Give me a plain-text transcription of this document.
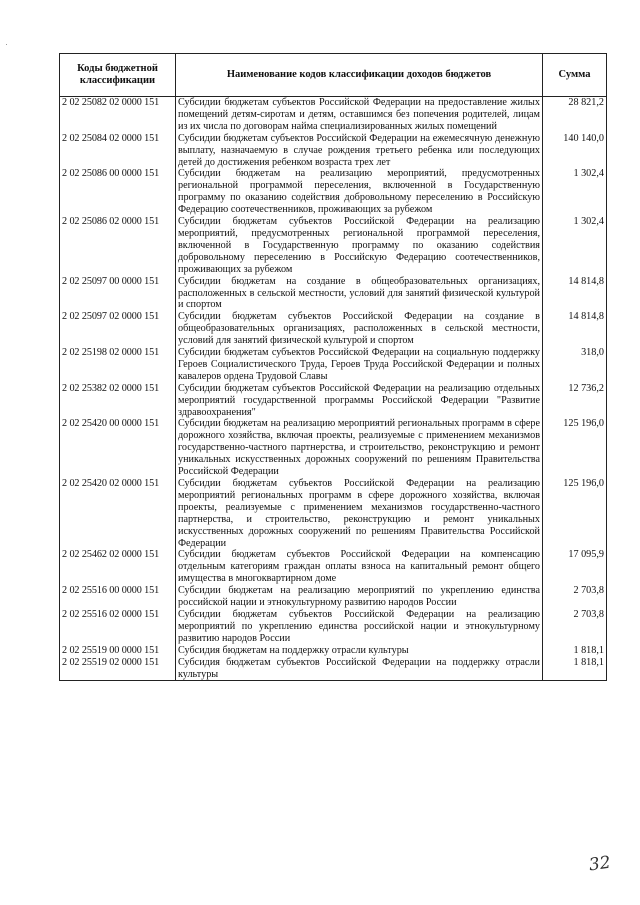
Коды бюджетной классификации	Наименование кодов классификации доходов бюджетов	Сумма
2 02 25082 02 0000 151	Субсидии бюджетам субъектов Российской Федерации на предоставление жилых помещений детям-сиротам и детям, оставшимся без попечения родителей, лицам из их числа по договорам найма специализированных жилых помещений	28 821,2
2 02 25084 02 0000 151	Субсидии бюджетам субъектов Российской Федерации на ежемесячную денежную выплату, назначаемую в случае рождения третьего ребенка или последующих детей до достижения ребенком возраста трех лет	140 140,0
2 02 25086 00 0000 151	Субсидии бюджетам на реализацию мероприятий, предусмотренных региональной программой переселения, включенной в Государственную программу по оказанию содействия добровольному переселению в Российскую Федерацию соотечественников, проживающих за рубежом	1 302,4
2 02 25086 02 0000 151	Субсидии бюджетам субъектов Российской Федерации на реализацию мероприятий, предусмотренных региональной программой переселения, включенной в Государственную программу по оказанию содействия добровольному переселению в Российскую Федерацию соотечественников, проживающих за рубежом	1 302,4
2 02 25097 00 0000 151	Субсидии бюджетам на создание в общеобразовательных организациях, расположенных в сельской местности, условий для занятий физической культурой и спортом	14 814,8
2 02 25097 02 0000 151	Субсидии бюджетам субъектов Российской Федерации на создание в общеобразовательных организациях, расположенных в сельской местности, условий для занятий физической культурой и спортом	14 814,8
2 02 25198 02 0000 151	Субсидии бюджетам субъектов Российской Федерации на социальную поддержку Героев Социалистического Труда, Героев Труда Российской Федерации и полных кавалеров ордена Трудовой Славы	318,0
2 02 25382 02 0000 151	Субсидии бюджетам субъектов Российской Федерации на реализацию отдельных мероприятий государственной программы Российской Федерации "Развитие здравоохранения"	12 736,2
2 02 25420 00 0000 151	Субсидии бюджетам на реализацию мероприятий региональных программ в сфере дорожного хозяйства, включая проекты, реализуемые с применением механизмов государственно-частного партнерства, и строительство, реконструкцию и ремонт уникальных искусственных дорожных сооружений по решениям Правительства Российской Федерации	125 196,0
2 02 25420 02 0000 151	Субсидии бюджетам субъектов Российской Федерации на реализацию мероприятий региональных программ в сфере дорожного хозяйства, включая проекты, реализуемые с применением механизмов государственно-частного партнерства, и строительство, реконструкцию и ремонт уникальных искусственных дорожных сооружений по решениям Правительства Российской Федерации	125 196,0
2 02 25462 02 0000 151	Субсидии бюджетам субъектов Российской Федерации на компенсацию отдельным категориям граждан оплаты взноса на капитальный ремонт общего имущества в многоквартирном доме	17 095,9
2 02 25516 00 0000 151	Субсидии бюджетам на реализацию мероприятий по укреплению единства российской нации и этнокультурному развитию народов России	2 703,8
2 02 25516 02 0000 151	Субсидии бюджетам субъектов Российской Федерации на реализацию мероприятий по укреплению единства российской нации и этнокультурному развитию народов России	2 703,8
2 02 25519 00 0000 151	Субсидия бюджетам на поддержку отрасли культуры	1 818,1
2 02 25519 02 0000 151	Субсидия бюджетам субъектов Российской Федерации на поддержку отрасли культуры	1 818,1
32
